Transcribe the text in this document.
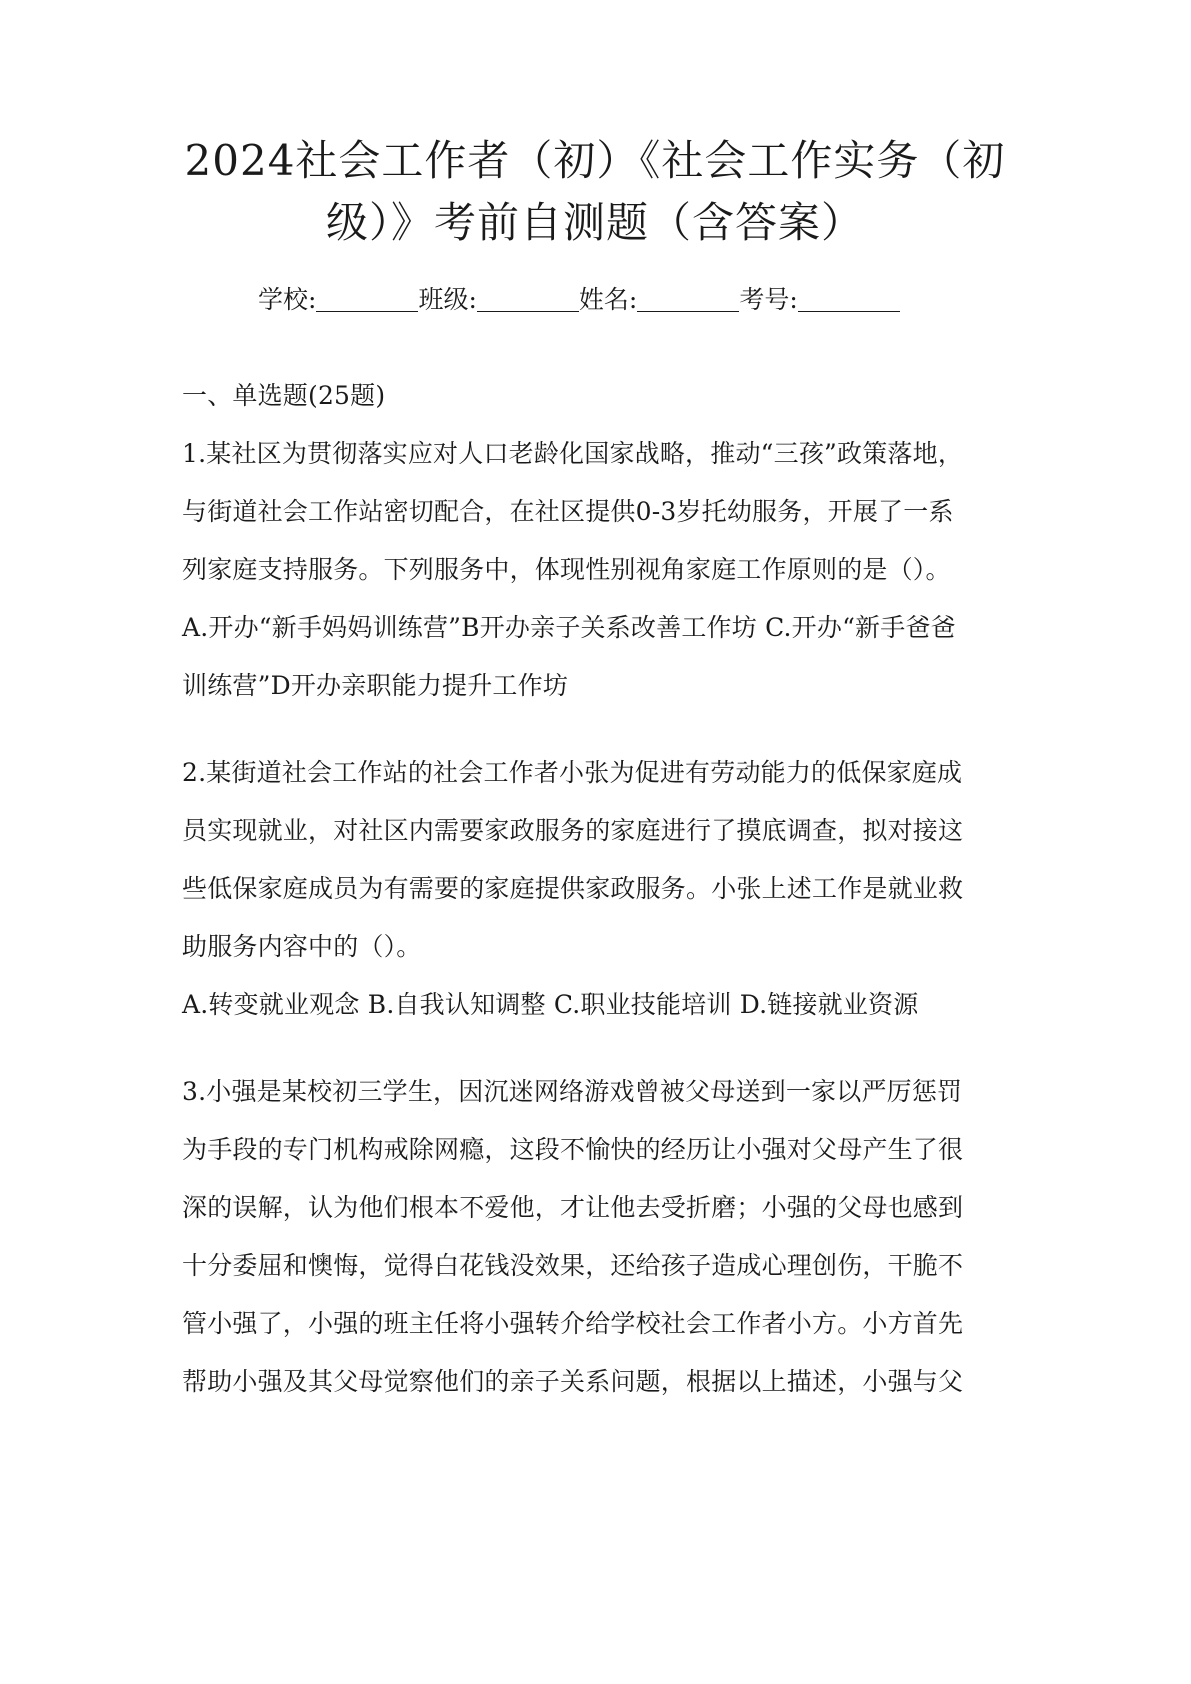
2024社会工作者（初）《社会工作实务（初
级）》考前自测题（含答案）
学校:	班级:	姓名:	考号:
一、单选题(25题)
1.某社区为贯彻落实应对人口老龄化国家战略，推动“三孩”政策落地，
与街道社会工作站密切配合，在社区提供0-3岁托幼服务，开展了一系
列家庭支持服务。下列服务中，体现性别视角家庭工作原则的是（）。
A.开办“新手妈妈训练营”B开办亲子关系改善工作坊 C.开办“新手爸爸
训练营”D开办亲职能力提升工作坊
2.某街道社会工作站的社会工作者小张为促进有劳动能力的低保家庭成
员实现就业，对社区内需要家政服务的家庭进行了摸底调查，拟对接这
些低保家庭成员为有需要的家庭提供家政服务。小张上述工作是就业救
助服务内容中的（）。
A.转变就业观念 B.自我认知调整 C.职业技能培训 D.链接就业资源
3.小强是某校初三学生，因沉迷网络游戏曾被父母送到一家以严厉惩罚
为手段的专门机构戒除网瘾，这段不愉快的经历让小强对父母产生了很
深的误解，认为他们根本不爱他，才让他去受折磨；小强的父母也感到
十分委屈和懊悔，觉得白花钱没效果，还给孩子造成心理创伤，干脆不
管小强了，小强的班主任将小强转介给学校社会工作者小方。小方首先
帮助小强及其父母觉察他们的亲子关系问题，根据以上描述，小强与父
